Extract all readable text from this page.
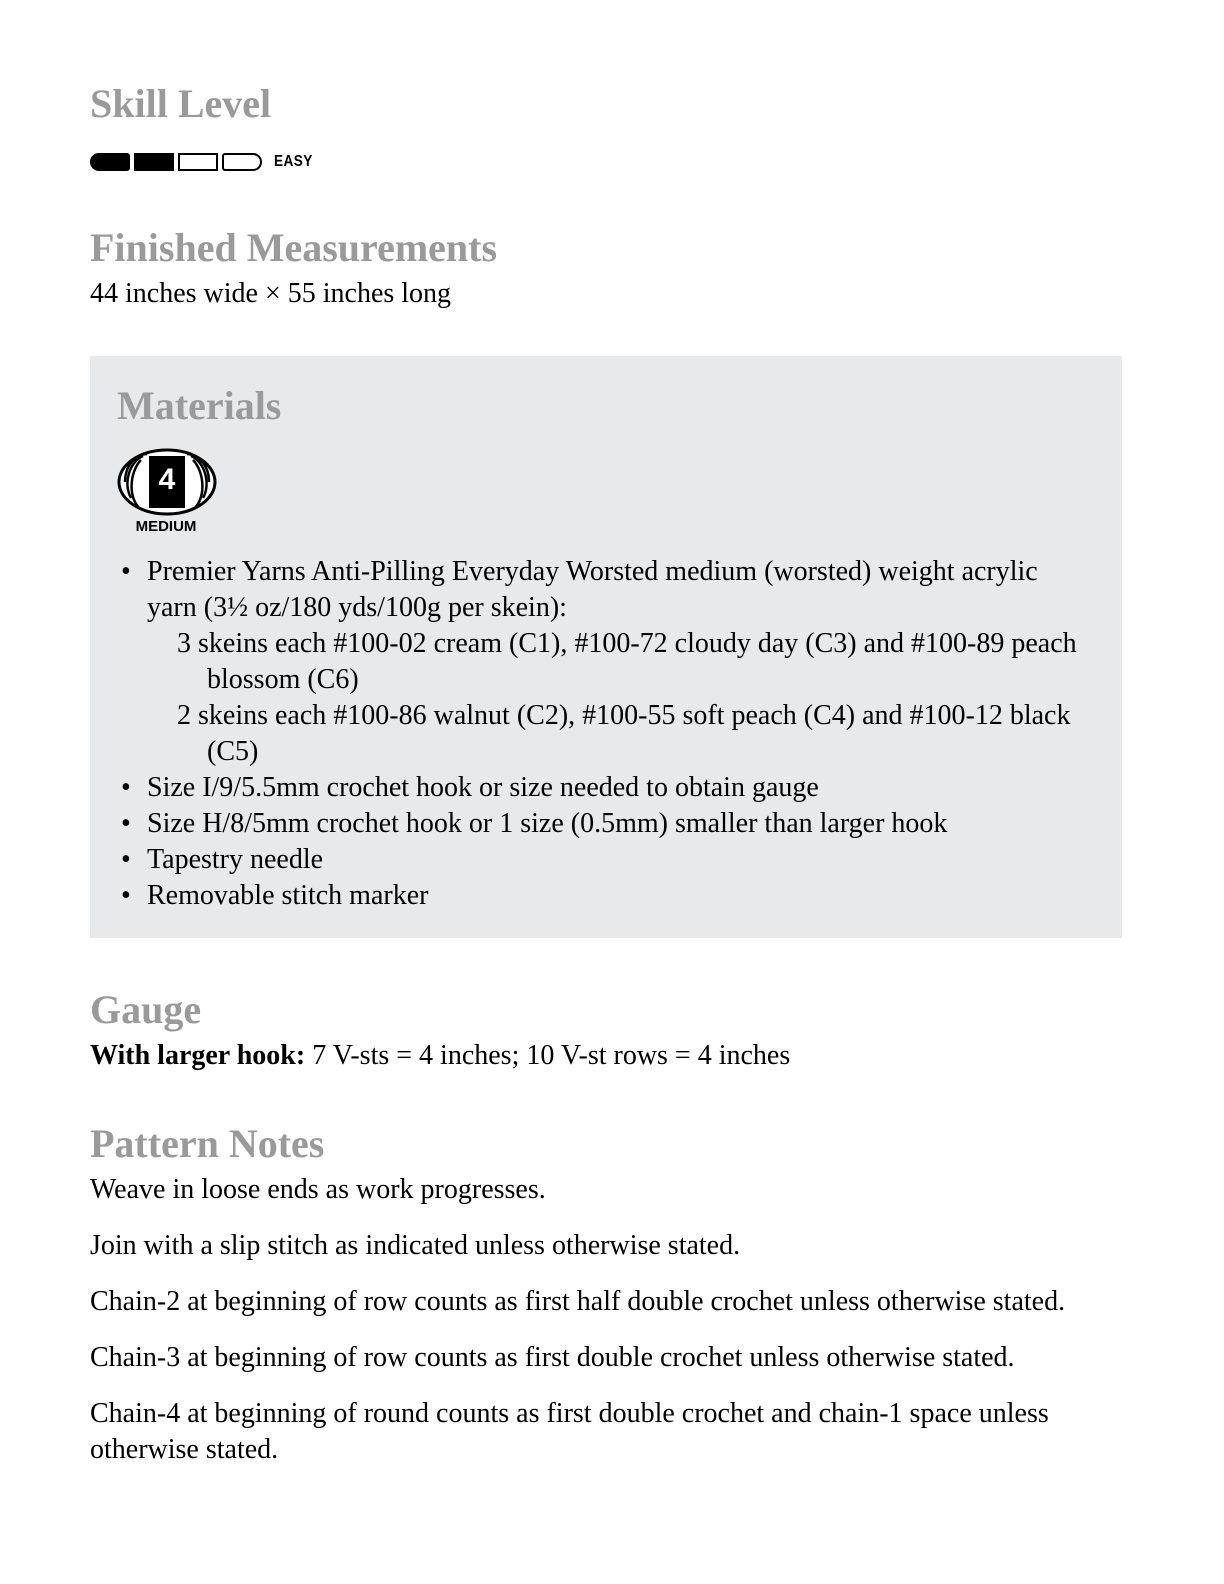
Skill Level
EASY
Finished Measurements

44 inches wide × 55 inches long

Materials
4
MEDIUM
• Premier Yarns Anti-Pilling Everyday Worsted medium (worsted) weight acrylic yarn (3½ oz/180 yds/100g per skein):
3 skeins each #100-02 cream (C1), #100-72 cloudy day (C3) and #100-89 peach blossom (C6)
2 skeins each #100-86 walnut (C2), #100-55 soft peach (C4) and #100-12 black (C5)
• Size I/9/5.5mm crochet hook or size needed to obtain gauge
• Size H/8/5mm crochet hook or 1 size (0.5mm) smaller than larger hook
• Tapestry needle
• Removable stitch marker
Gauge

With larger hook: 7 V-sts = 4 inches; 10 V-st rows = 4 inches

Pattern Notes

Weave in loose ends as work progresses.

Join with a slip stitch as indicated unless otherwise stated.

Chain-2 at beginning of row counts as first half double crochet unless otherwise stated.

Chain-3 at beginning of row counts as first double crochet unless otherwise stated.

Chain-4 at beginning of round counts as first double crochet and chain-1 space unless otherwise stated.
